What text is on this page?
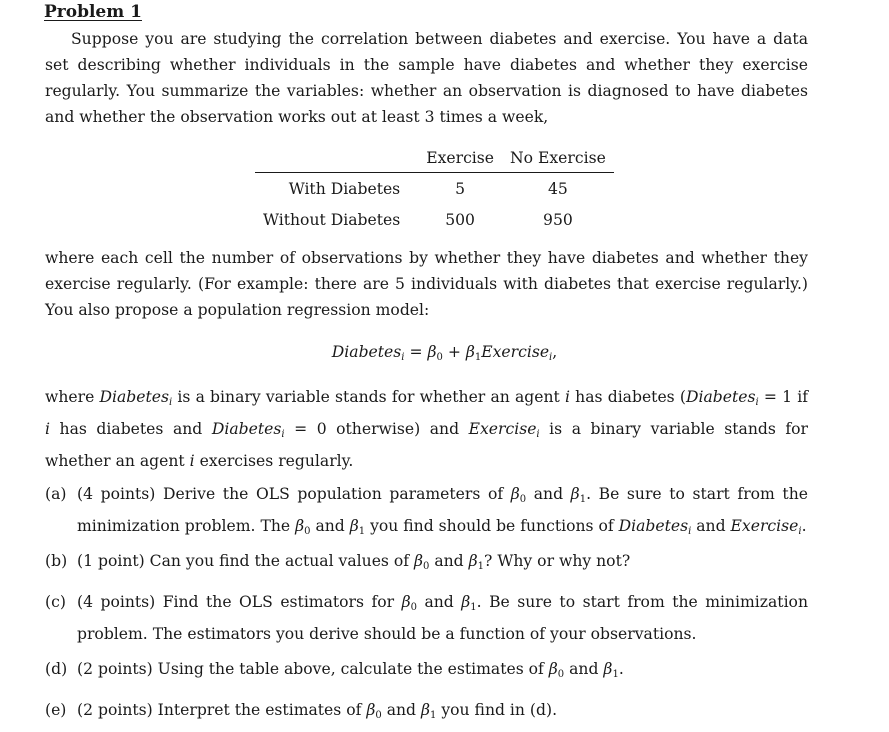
Problem 1
Suppose you are studying the correlation between diabetes and exercise. You have a data set describing whether individuals in the sample have diabetes and whether they exercise regularly. You summarize the variables: whether an observation is diagnosed to have diabetes and whether the observation works out at least 3 times a week,
	Exercise	No Exercise
With Diabetes	5	45
Without Diabetes	500	950
where each cell the number of observations by whether they have diabetes and whether they exercise regularly. (For example: there are 5 individuals with diabetes that exercise regularly.) You also propose a population regression model:
Diabetes$_i$ = β0 + β1Exercise$_i$,
where Diabetes$_i$ is a binary variable stands for whether an agent i has diabetes (Diabetes$_i$ = 1 if i has diabetes and Diabetes$_i$ = 0 otherwise) and Exercise$_i$ is a binary variable stands for whether an agent i exercises regularly.
(a) (4 points) Derive the OLS population parameters of β0 and β1. Be sure to start from the minimization problem. The β0 and β1 you find should be functions of Diabetes$_i$ and Exercise$_i$.
(b) (1 point) Can you find the actual values of β0 and β1? Why or why not?
(c) (4 points) Find the OLS estimators for β0 and β1. Be sure to start from the minimization problem. The estimators you derive should be a function of your observations.
(d) (2 points) Using the table above, calculate the estimates of β0 and β1.
(e) (2 points) Interpret the estimates of β0 and β1 you find in (d).
